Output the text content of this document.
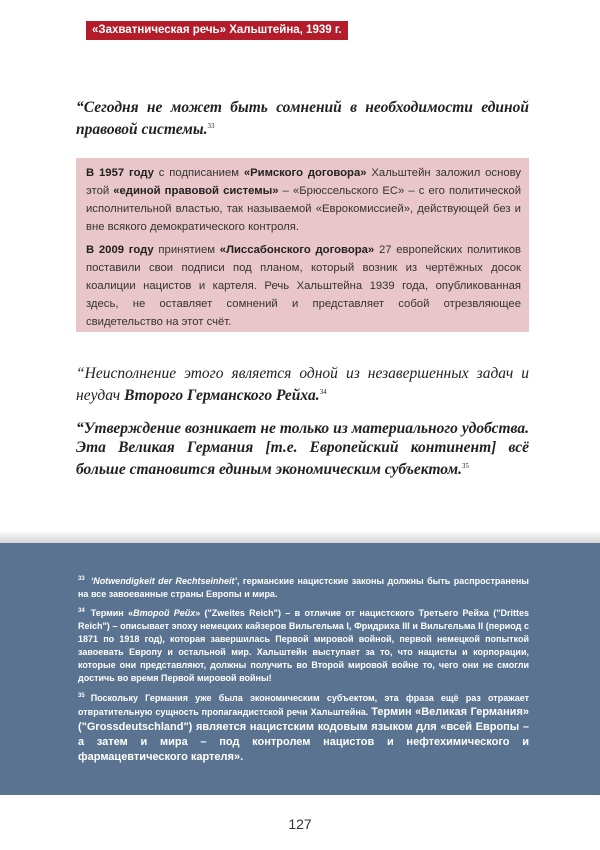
«Захватническая речь» Хальштейна, 1939 г.
“Сегодня не может быть сомнений в необходимости единой правовой системы.$^{33}$

В 1957 году с подписанием «Римского договора» Хальштейн заложил основу этой «единой правовой системы» – «Брюссельского ЕС» – с его политической исполнительной властью, так называемой «Еврокомиссией», действующей без и вне всякого демократического контроля.

В 2009 году принятием «Лиссабонского договора» 27 европейских политиков поставили свои подписи под планом, который возник из чертёжных досок коалиции нацистов и картеля. Речь Хальштейна 1939 года, опубликованная здесь, не оставляет сомнений и представляет собой отрезвляющее свидетельство на этот счёт.

“Неисполнение этого является одной из незавершенных задач и неудач Второго Германского Рейха.$^{34}$
“Утверждение возникает не только из материального удобства. Эта Великая Германия [т.е. Европейский континент] всё больше становится единым экономическим субъектом.$^{35}$
$^{33}$ ‘Notwendigkeit der Rechtseinheit’, германские нацистские законы должны быть распространены на все завоеванные страны Европы и мира.
$^{34}$ Термин «Второй Рейх» ("Zweites Reich") – в отличие от нацистского Третьего Рейха ("Drittes Reich") – описывает эпоху немецких кайзеров Вильгельма I, Фридриха III и Вильгельма II (период с 1871 по 1918 год), которая завершилась Первой мировой войной, первой немецкой попыткой завоевать Европу и остальной мир. Хальштейн выступает за то, что нацисты и корпорации, которые они представляют, должны получить во Второй мировой войне то, чего они не смогли достичь во время Первой мировой войны!
$^{35}$ Поскольку Германия уже была экономическим субъектом, эта фраза ещё раз отражает отвратительную сущность пропагандистской речи Хальштейна. Термин «Великая Германия» ("Grossdeutschland") является нацистским кодовым языком для «всей Европы – а затем и мира – под контролем нацистов и нефтехимического и фармацевтического картеля».
127
